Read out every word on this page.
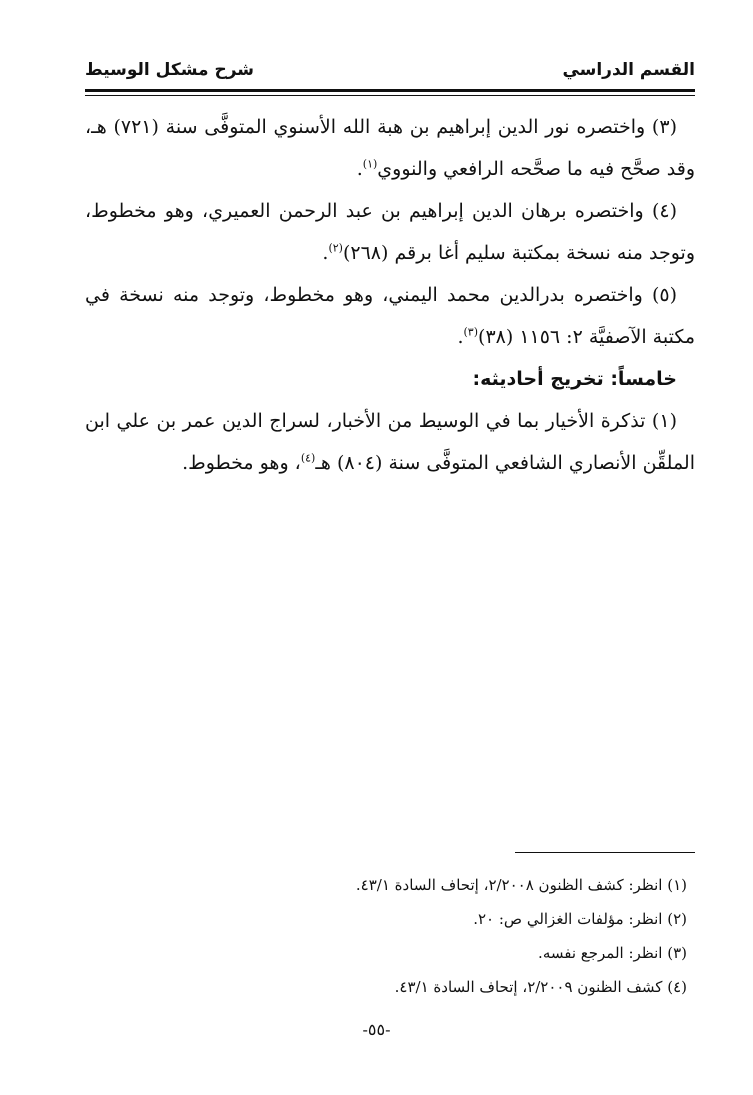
القسم الدراسي
شرح مشكل الوسيط

(٣) واختصره نور الدين إبراهيم بن هبة الله الأسنوي المتوفَّى سنة (٧٢١) هـ، وقد صحَّح فيه ما صحَّحه الرافعي والنووي$^{(١)}$.

(٤) واختصره برهان الدين إبراهيم بن عبد الرحمن العميري، وهو مخطوط، وتوجد منه نسخة بمكتبة سليم أغا برقم (٢٦٨)$^{(٢)}$.

(٥) واختصره بدرالدين محمد اليمني، وهو مخطوط، وتوجد منه نسخة في مكتبة الآصفيَّة ٢: ١١٥٦ (٣٨)$^{(٣)}$.

خامساً: تخريج أحاديثه:

(١) تذكرة الأخيار بما في الوسيط من الأخبار، لسراج الدين عمر بن علي ابن الملقِّن الأنصاري الشافعي المتوفَّى سنة (٨٠٤) هـ$^{(٤)}$، وهو مخطوط.

(١) انظر: كشف الظنون ٢/٢٠٠٨، إتحاف السادة ٤٣/١.

(٢) انظر: مؤلفات الغزالي ص: ٢٠.

(٣) انظر: المرجع نفسه.

(٤) كشف الظنون ٢/٢٠٠٩، إتحاف السادة ٤٣/١.

-٥٥-
